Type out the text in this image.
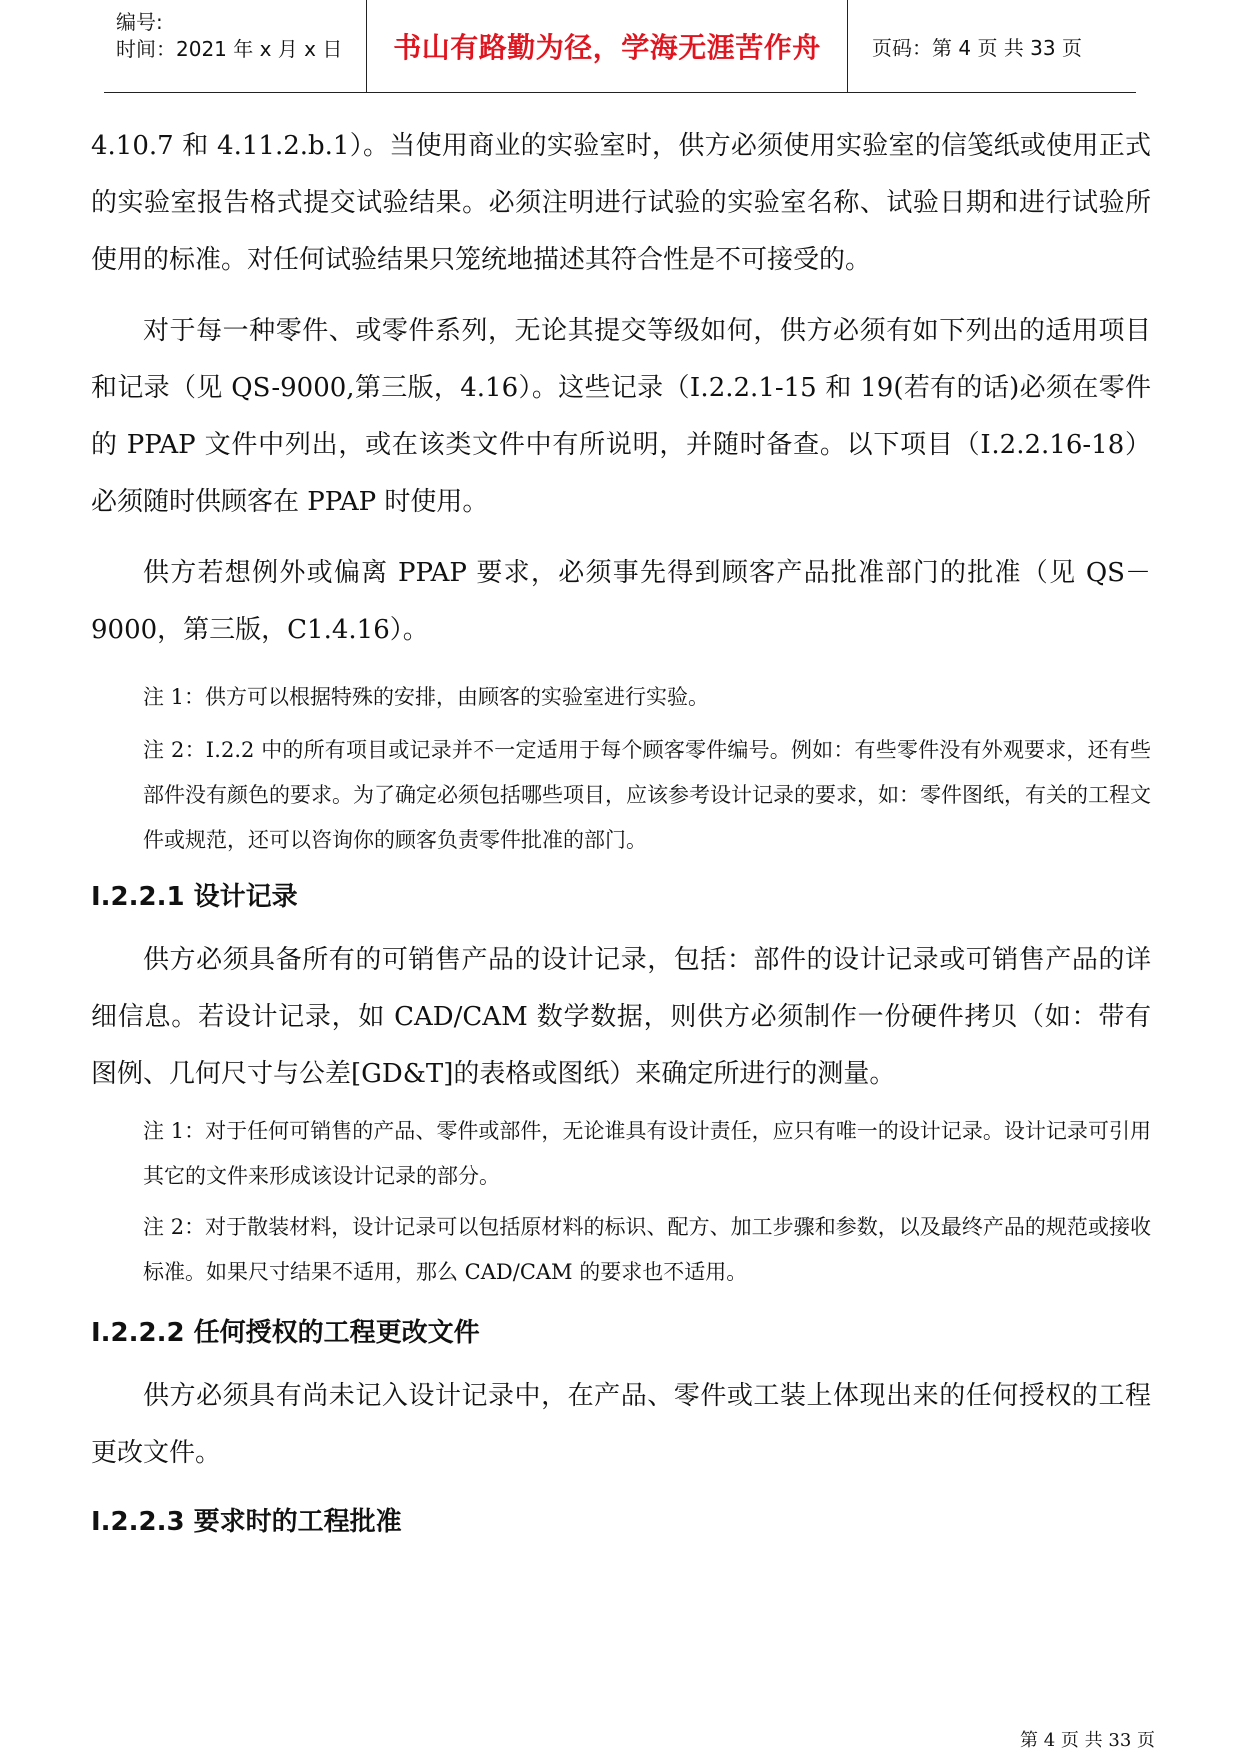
编号:
时间：2021 年 x 月 x 日 书山有路勤为径，学海无涯苦作舟	页码：第 4 页 共 33 页

4.10.7 和 4.11.2.b.1）。当使用商业的实验室时，供方必须使用实验室的信笺纸或使用正式的实验室报告格式提交试验结果。必须注明进行试验的实验室名称、试验日期和进行试验所使用的标准。对任何试验结果只笼统地描述其符合性是不可接受的。

对于每一种零件、或零件系列，无论其提交等级如何，供方必须有如下列出的适用项目和记录（见 QS-9000,第三版，4.16）。这些记录（Ⅰ.2.2.1-15 和 19(若有的话)必须在零件的 PPAP 文件中列出，或在该类文件中有所说明，并随时备查。以下项目（Ⅰ.2.2.16-18）必须随时供顾客在 PPAP 时使用。

供方若想例外或偏离 PPAP 要求，必须事先得到顾客产品批准部门的批准（见 QS－9000，第三版，C1.4.16）。

注 1：供方可以根据特殊的安排，由顾客的实验室进行实验。

注 2：Ⅰ.2.2 中的所有项目或记录并不一定适用于每个顾客零件编号。例如：有些零件没有外观要求，还有些部件没有颜色的要求。为了确定必须包括哪些项目，应该参考设计记录的要求，如：零件图纸，有关的工程文件或规范，还可以咨询你的顾客负责零件批准的部门。

Ⅰ.2.2.1 设计记录

供方必须具备所有的可销售产品的设计记录，包括：部件的设计记录或可销售产品的详细信息。若设计记录，如 CAD/CAM 数学数据，则供方必须制作一份硬件拷贝（如：带有图例、几何尺寸与公差[GD&T]的表格或图纸）来确定所进行的测量。

注 1：对于任何可销售的产品、零件或部件，无论谁具有设计责任，应只有唯一的设计记录。设计记录可引用其它的文件来形成该设计记录的部分。

注 2：对于散装材料，设计记录可以包括原材料的标识、配方、加工步骤和参数，以及最终产品的规范或接收标准。如果尺寸结果不适用，那么 CAD/CAM 的要求也不适用。

Ⅰ.2.2.2 任何授权的工程更改文件

供方必须具有尚未记入设计记录中，在产品、零件或工装上体现出来的任何授权的工程更改文件。

Ⅰ.2.2.3 要求时的工程批准

第 4 页 共 33 页
